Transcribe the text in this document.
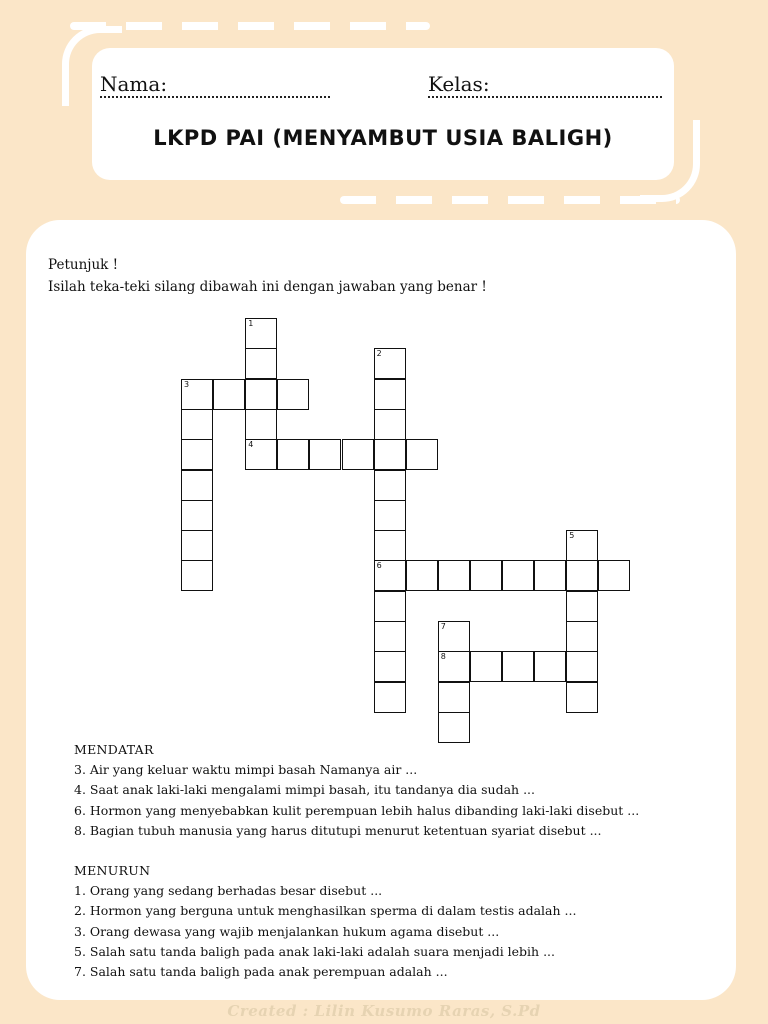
Nama:	Kelas:
LKPD PAI (MENYAMBUT USIA BALIGH)
Petunjuk !
Isilah teka-teki silang dibawah ini dengan jawaban yang benar !
1
2
6
3
4
5
7
8
MENDATAR
3. Air yang keluar waktu mimpi basah Namanya air ...
4. Saat anak laki-laki mengalami mimpi basah, itu tandanya dia sudah ...
6. Hormon yang menyebabkan kulit perempuan lebih halus dibanding laki-laki disebut ...
8. Bagian tubuh manusia yang harus ditutupi menurut ketentuan syariat disebut ...
MENURUN
1. Orang yang sedang berhadas besar disebut ...
2. Hormon yang berguna untuk menghasilkan sperma di dalam testis adalah ...
3. Orang dewasa yang wajib menjalankan hukum agama disebut ...
5. Salah satu tanda baligh pada anak laki-laki adalah suara menjadi lebih ...
7. Salah satu tanda baligh pada anak perempuan adalah ...
Created : Lilin Kusumo Raras, S.Pd
